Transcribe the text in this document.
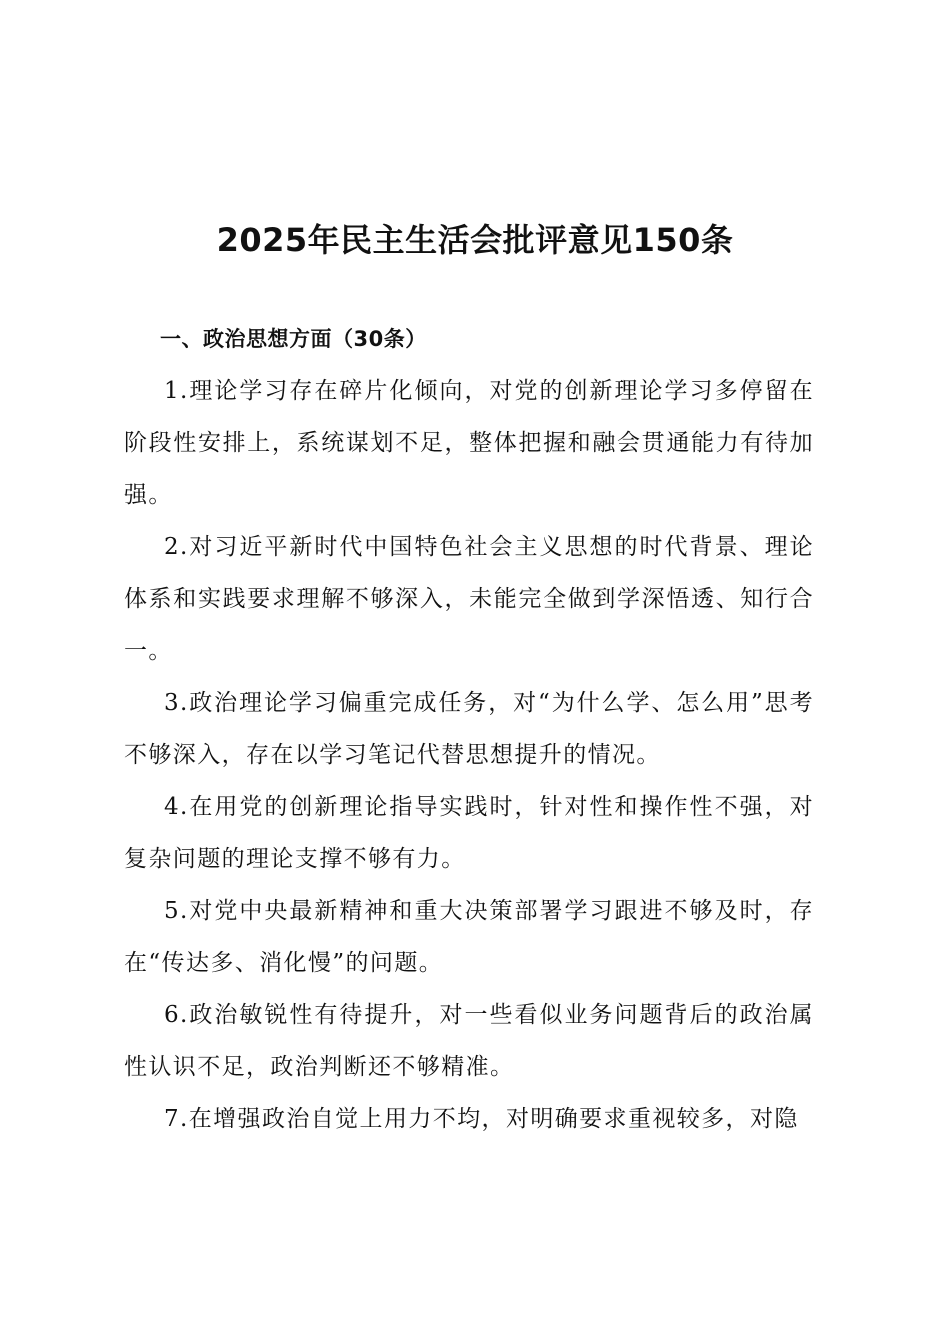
2025年民主生活会批评意见150条

一、政治思想方面（30条）

1.理论学习存在碎片化倾向，对党的创新理论学习多停留在阶段性安排上，系统谋划不足，整体把握和融会贯通能力有待加强。

2.对习近平新时代中国特色社会主义思想的时代背景、理论体系和实践要求理解不够深入，未能完全做到学深悟透、知行合一。

3.政治理论学习偏重完成任务，对“为什么学、怎么用”思考不够深入，存在以学习笔记代替思想提升的情况。

4.在用党的创新理论指导实践时，针对性和操作性不强，对复杂问题的理论支撑不够有力。

5.对党中央最新精神和重大决策部署学习跟进不够及时，存在“传达多、消化慢”的问题。

6.政治敏锐性有待提升，对一些看似业务问题背后的政治属性认识不足，政治判断还不够精准。

7.在增强政治自觉上用力不均，对明确要求重视较多，对隐
